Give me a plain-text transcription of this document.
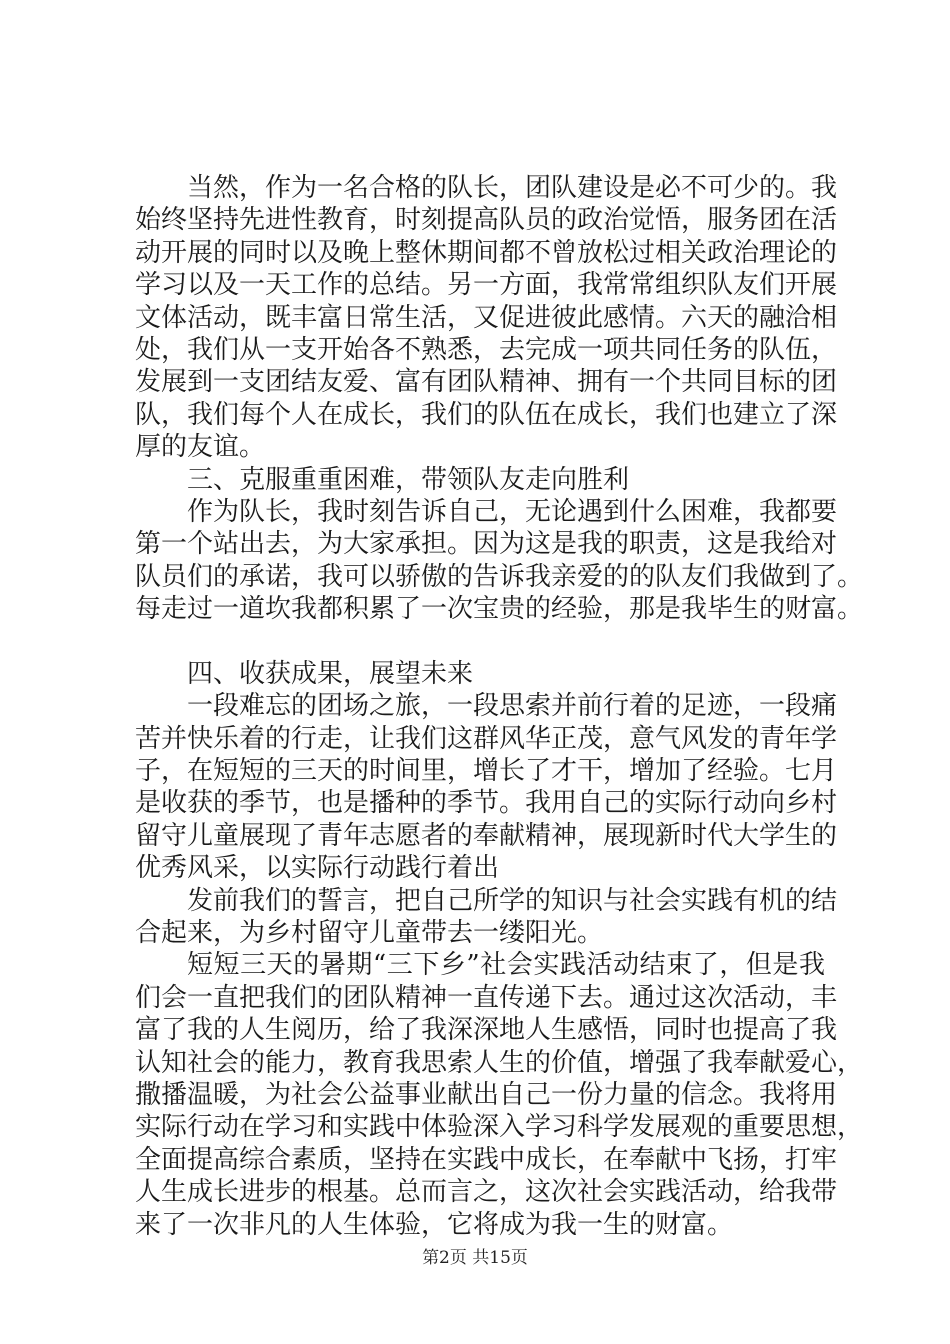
当然，作为一名合格的队长，团队建设是必不可少的。我
始终坚持先进性教育，时刻提高队员的政治觉悟，服务团在活
动开展的同时以及晚上整休期间都不曾放松过相关政治理论的
学习以及一天工作的总结。另一方面，我常常组织队友们开展
文体活动，既丰富日常生活，又促进彼此感情。六天的融洽相
处，我们从一支开始各不熟悉，去完成一项共同任务的队伍，
发展到一支团结友爱、富有团队精神、拥有一个共同目标的团
队，我们每个人在成长，我们的队伍在成长，我们也建立了深
厚的友谊。
三、克服重重困难，带领队友走向胜利
作为队长，我时刻告诉自己，无论遇到什么困难，我都要
第一个站出去，为大家承担。因为这是我的职责，这是我给对
队员们的承诺，我可以骄傲的告诉我亲爱的的队友们我做到了。
每走过一道坎我都积累了一次宝贵的经验，那是我毕生的财富。
四、收获成果，展望未来
一段难忘的团场之旅，一段思索并前行着的足迹，一段痛
苦并快乐着的行走，让我们这群风华正茂，意气风发的青年学
子，在短短的三天的时间里，增长了才干，增加了经验。七月
是收获的季节，也是播种的季节。我用自己的实际行动向乡村
留守儿童展现了青年志愿者的奉献精神，展现新时代大学生的
优秀风采，以实际行动践行着出
发前我们的誓言，把自己所学的知识与社会实践有机的结
合起来，为乡村留守儿童带去一缕阳光。
短短三天的暑期“三下乡”社会实践活动结束了，但是我
们会一直把我们的团队精神一直传递下去。通过这次活动，丰
富了我的人生阅历，给了我深深地人生感悟，同时也提高了我
认知社会的能力，教育我思索人生的价值，增强了我奉献爱心，
撒播温暖，为社会公益事业献出自己一份力量的信念。我将用
实际行动在学习和实践中体验深入学习科学发展观的重要思想，
全面提高综合素质，坚持在实践中成长，在奉献中飞扬，打牢
人生成长进步的根基。总而言之，这次社会实践活动，给我带
来了一次非凡的人生体验，它将成为我一生的财富。
第2页 共15页
